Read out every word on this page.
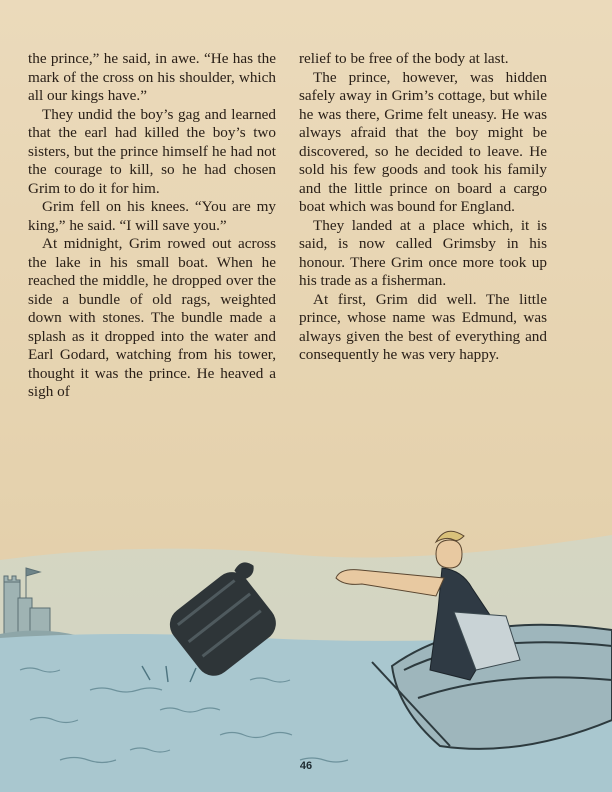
the prince,” he said, in awe. “He has the mark of the cross on his shoulder, which all our kings have.”

They undid the boy’s gag and learned that the earl had killed the boy’s two sisters, but the prince himself he had not the courage to kill, so he had chosen Grim to do it for him.

Grim fell on his knees. “You are my king,” he said. “I will save you.”

At midnight, Grim rowed out across the lake in his small boat. When he reached the middle, he dropped over the side a bundle of old rags, weighted down with stones. The bundle made a splash as it dropped into the water and Earl Godard, watching from his tower, thought it was the prince. He heaved a sigh of

relief to be free of the body at last.

The prince, however, was hidden safely away in Grim’s cottage, but while he was there, Grime felt uneasy. He was always afraid that the boy might be discovered, so he decided to leave. He sold his few goods and took his family and the little prince on board a cargo boat which was bound for England.

They landed at a place which, it is said, is now called Grimsby in his honour. There Grim once more took up his trade as a fisherman.

At first, Grim did well. The little prince, whose name was Edmund, was always given the best of everything and consequently he was very happy.

46
